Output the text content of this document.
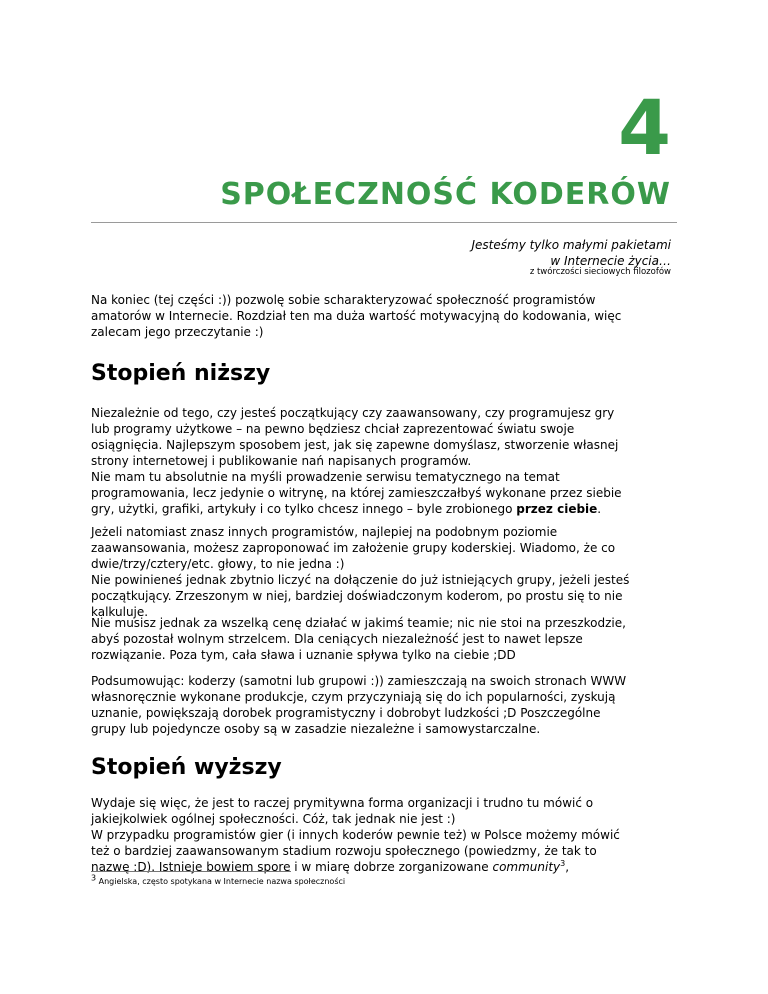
4
SPOŁECZNOŚĆ KODERÓW
Jesteśmy tylko małymi pakietami
w Internecie życia…
z twórczości sieciowych filozofów

Na koniec (tej części :)) pozwolę sobie scharakteryzować społeczność programistów

amatorów w Internecie. Rozdział ten ma duża wartość motywacyjną do kodowania, więc

zalecam jego przeczytanie :)

Stopień niższy

Niezależnie od tego, czy jesteś początkujący czy zaawansowany, czy programujesz gry

lub programy użytkowe – na pewno będziesz chciał zaprezentować światu swoje

osiągnięcia. Najlepszym sposobem jest, jak się zapewne domyślasz, stworzenie własnej

strony internetowej i publikowanie nań napisanych programów.

Nie mam tu absolutnie na myśli prowadzenie serwisu tematycznego na temat

programowania, lecz jedynie o witrynę, na której zamieszczałbyś wykonane przez siebie

gry, użytki, grafiki, artykuły i co tylko chcesz innego – byle zrobionego przez ciebie.

Jeżeli natomiast znasz innych programistów, najlepiej na podobnym poziomie

zaawansowania, możesz zaproponować im założenie grupy koderskiej. Wiadomo, że co

dwie/trzy/cztery/etc. głowy, to nie jedna :)

Nie powinieneś jednak zbytnio liczyć na dołączenie do już istniejących grupy, jeżeli jesteś

początkujący. Zrzeszonym w niej, bardziej doświadczonym koderom, po prostu się to nie

kalkuluje.

Nie musisz jednak za wszelką cenę działać w jakimś teamie; nic nie stoi na przeszkodzie,

abyś pozostał wolnym strzelcem. Dla ceniących niezależność jest to nawet lepsze

rozwiązanie. Poza tym, cała sława i uznanie spływa tylko na ciebie ;DD

Podsumowując: koderzy (samotni lub grupowi :)) zamieszczają na swoich stronach WWW

własnoręcznie wykonane produkcje, czym przyczyniają się do ich popularności, zyskują

uznanie, powiększają dorobek programistyczny i dobrobyt ludzkości ;D Poszczególne

grupy lub pojedyncze osoby są w zasadzie niezależne i samowystarczalne.

Stopień wyższy

Wydaje się więc, że jest to raczej prymitywna forma organizacji i trudno tu mówić o

jakiejkolwiek ogólnej społeczności. Cóż, tak jednak nie jest :)

W przypadku programistów gier (i innych koderów pewnie też) w Polsce możemy mówić

też o bardziej zaawansowanym stadium rozwoju społecznego (powiedzmy, że tak to

nazwę :D). Istnieje bowiem spore i w miarę dobrze zorganizowane community$^3$,

$^3$ Angielska, często spotykana w Internecie nazwa społeczności
